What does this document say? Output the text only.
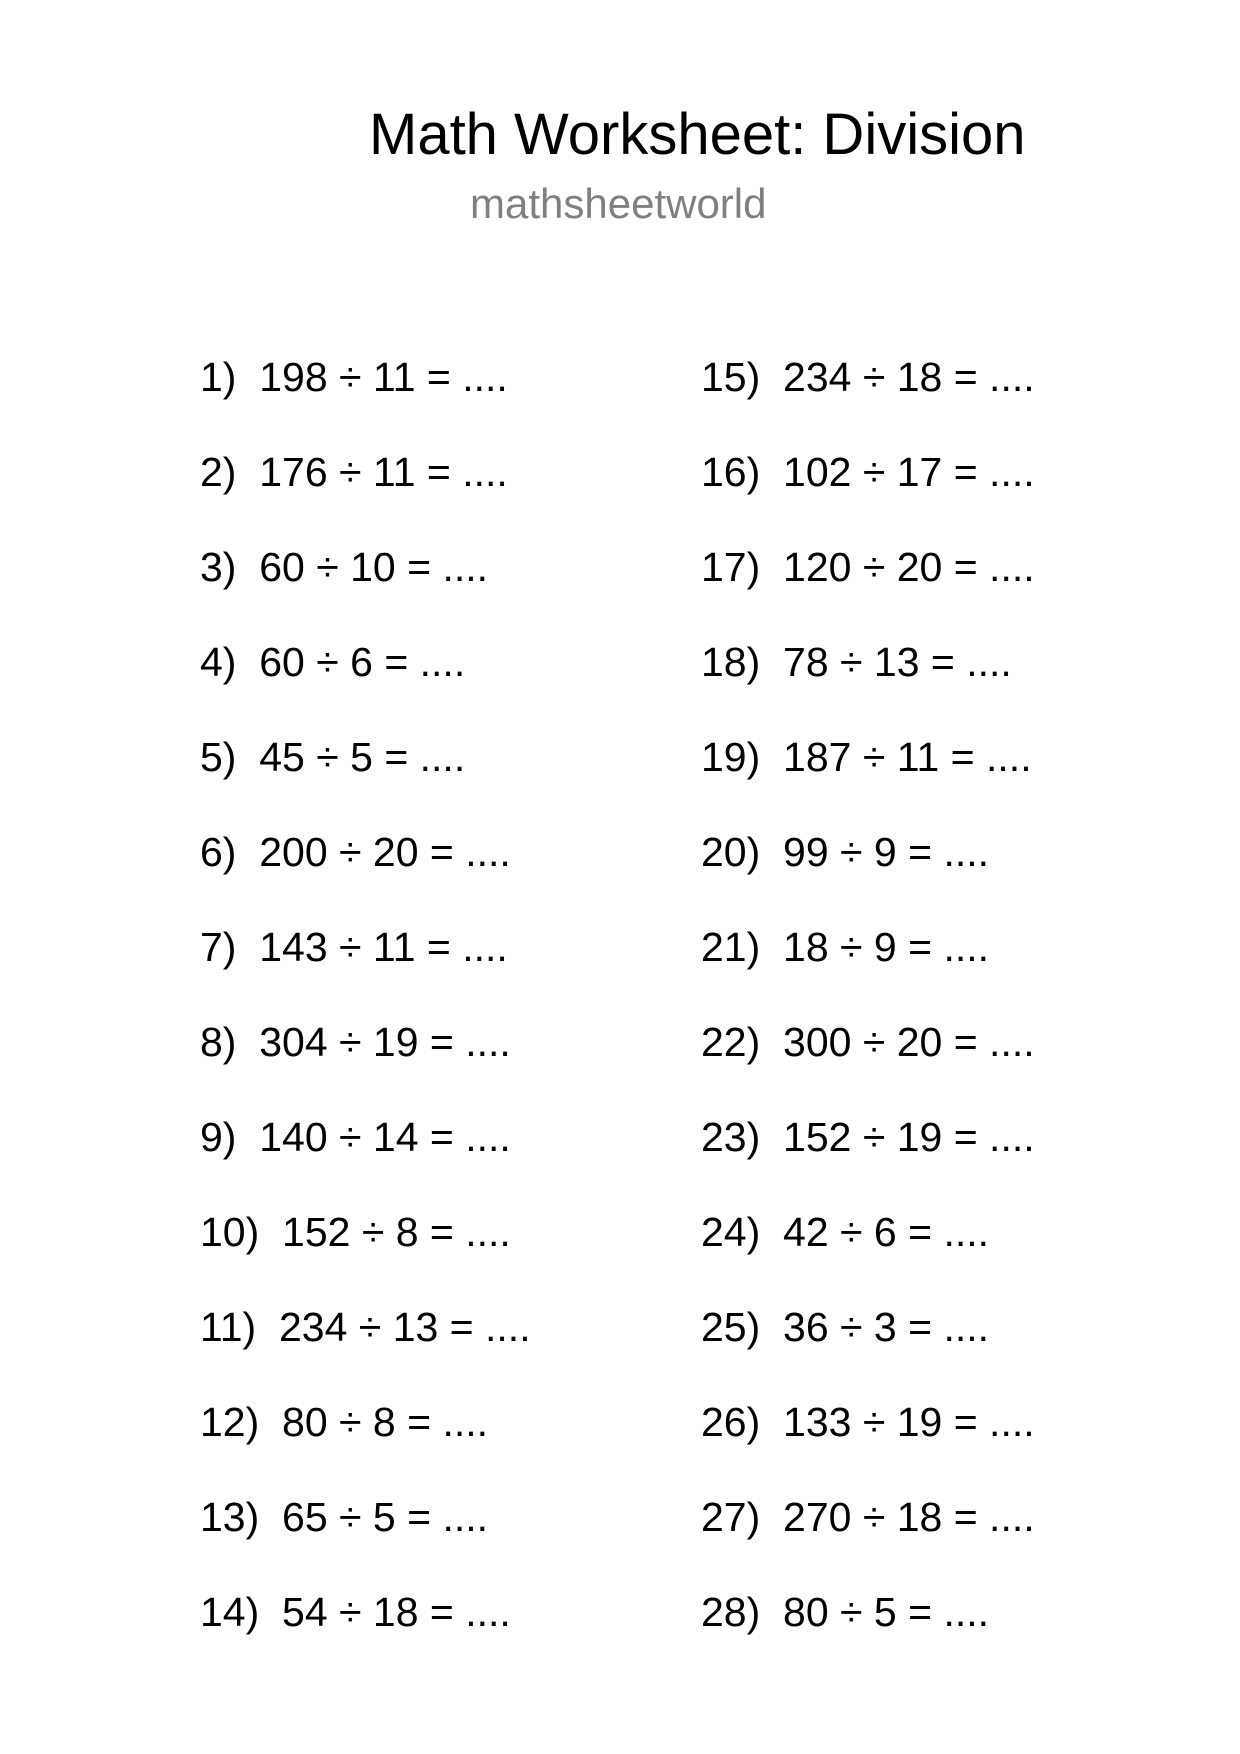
Math Worksheet: Division
mathsheetworld
1)  198 ÷ 11 = ....
2)  176 ÷ 11 = ....
3)  60 ÷ 10 = ....
4)  60 ÷ 6 = ....
5)  45 ÷ 5 = ....
6)  200 ÷ 20 = ....
7)  143 ÷ 11 = ....
8)  304 ÷ 19 = ....
9)  140 ÷ 14 = ....
10)  152 ÷ 8 = ....
11)  234 ÷ 13 = ....
12)  80 ÷ 8 = ....
13)  65 ÷ 5 = ....
14)  54 ÷ 18 = ....
15)  234 ÷ 18 = ....
16)  102 ÷ 17 = ....
17)  120 ÷ 20 = ....
18)  78 ÷ 13 = ....
19)  187 ÷ 11 = ....
20)  99 ÷ 9 = ....
21)  18 ÷ 9 = ....
22)  300 ÷ 20 = ....
23)  152 ÷ 19 = ....
24)  42 ÷ 6 = ....
25)  36 ÷ 3 = ....
26)  133 ÷ 19 = ....
27)  270 ÷ 18 = ....
28)  80 ÷ 5 = ....
